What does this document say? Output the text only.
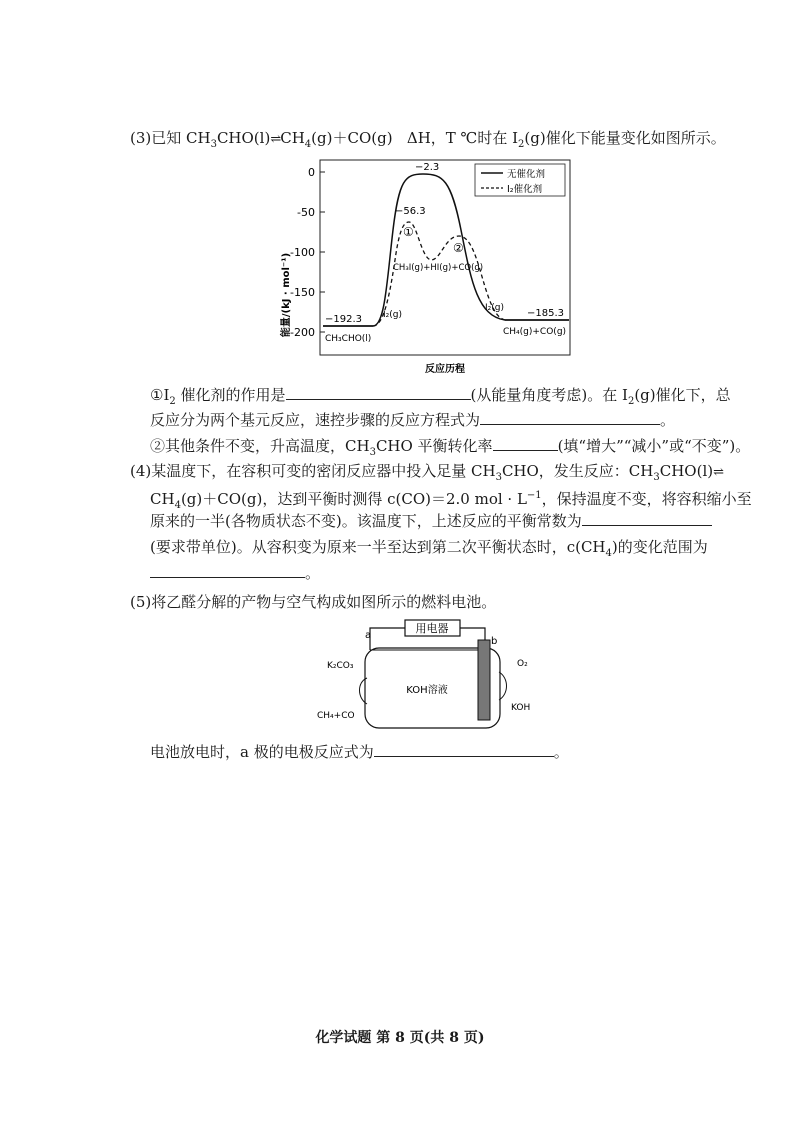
(3)已知 $CH_3CHO(l)\rightleftharpoons CH_4(g)+CO(g)$ ΔH，T ℃时在 $I_2(g)$催化下能量变化如图所示。
能量/(kJ · mol⁻¹)
0
-50
-100
-150
-200
−2.3
−56.3
−192.3
−185.3
CH₃CHO(l)
CH₄(g)+CO(g)
CH₃I(g)+HI(g)+CO(g)
I₂(g)
I₂(g)
①
②
无催化剂
I₂催化剂
反应历程
$①I_2$ 催化剂的作用是	(从能量角度考虑)。在 $I_2(g)$催化下，总
反应分为两个基元反应，速控步骤的反应方程式为	。
②其他条件不变，升高温度，$CH_3CHO$ 平衡转化率	(填“增大”“减小”或“不变”)。
(4)某温度下，在容积可变的密闭反应器中投入足量 $CH_3CHO$，发生反应：$CH_3CHO(l)\rightleftharpoons$
$CH_4(g)+CO(g)$，达到平衡时测得 c(CO)＝2.0 mol · $L^{-1}$，保持温度不变，将容积缩小至
原来的一半(各物质状态不变)。该温度下，上述反应的平衡常数为
(要求带单位)。从容积变为原来一半至达到第二次平衡状态时，$c(CH_4)$的变化范围为
。
(5)将乙醛分解的产物与空气构成如图所示的燃料电池。
用电器
a
b
KOH溶液
K₂CO₃
CH₄+CO
O₂
KOH
电池放电时，a 极的电极反应式为	。
化学试题 第 8 页(共 8 页)
